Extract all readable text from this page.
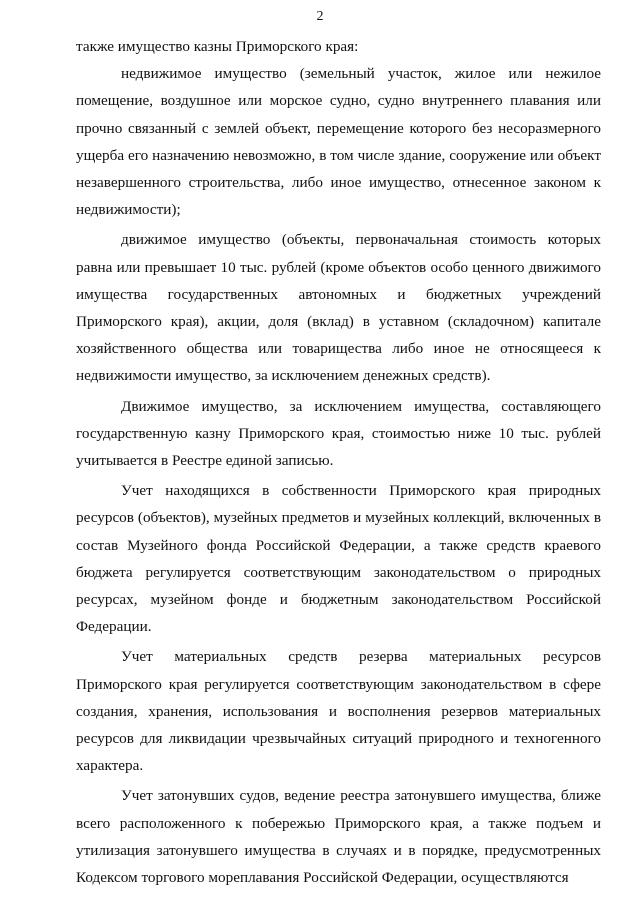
2

также имущество казны Приморского края:

недвижимое имущество (земельный участок, жилое или нежилое помещение, воздушное или морское судно, судно внутреннего плавания или прочно связанный с землей объект, перемещение которого без несоразмерного ущерба его назначению невозможно, в том числе здание, сооружение или объект незавершенного строительства, либо иное имущество, отнесенное законом к недвижимости);

движимое имущество (объекты, первоначальная стоимость которых равна или превышает 10 тыс. рублей (кроме объектов особо ценного движимого имущества государственных автономных и бюджетных учреждений Приморского края), акции, доля (вклад) в уставном (складочном) капитале хозяйственного общества или товарищества либо иное не относящееся к недвижимости имущество, за исключением денежных средств).

Движимое имущество, за исключением имущества, составляющего государственную казну Приморского края, стоимостью ниже 10 тыс. рублей учитывается в Реестре единой записью.

Учет находящихся в собственности Приморского края природных ресурсов (объектов), музейных предметов и музейных коллекций, включенных в состав Музейного фонда Российской Федерации, а также средств краевого бюджета регулируется соответствующим законодательством о природных ресурсах, музейном фонде и бюджетным законодательством Российской Федерации.

Учет материальных средств резерва материальных ресурсов Приморского края регулируется соответствующим законодательством в сфере создания, хранения, использования и восполнения резервов материальных ресурсов для ликвидации чрезвычайных ситуаций природного и техногенного характера.

Учет затонувших судов, ведение реестра затонувшего имущества, ближе всего расположенного к побережью Приморского края, а также подъем и утилизация затонувшего имущества в случаях и в порядке, предусмотренных Кодексом торгового мореплавания Российской Федерации, осуществляются
